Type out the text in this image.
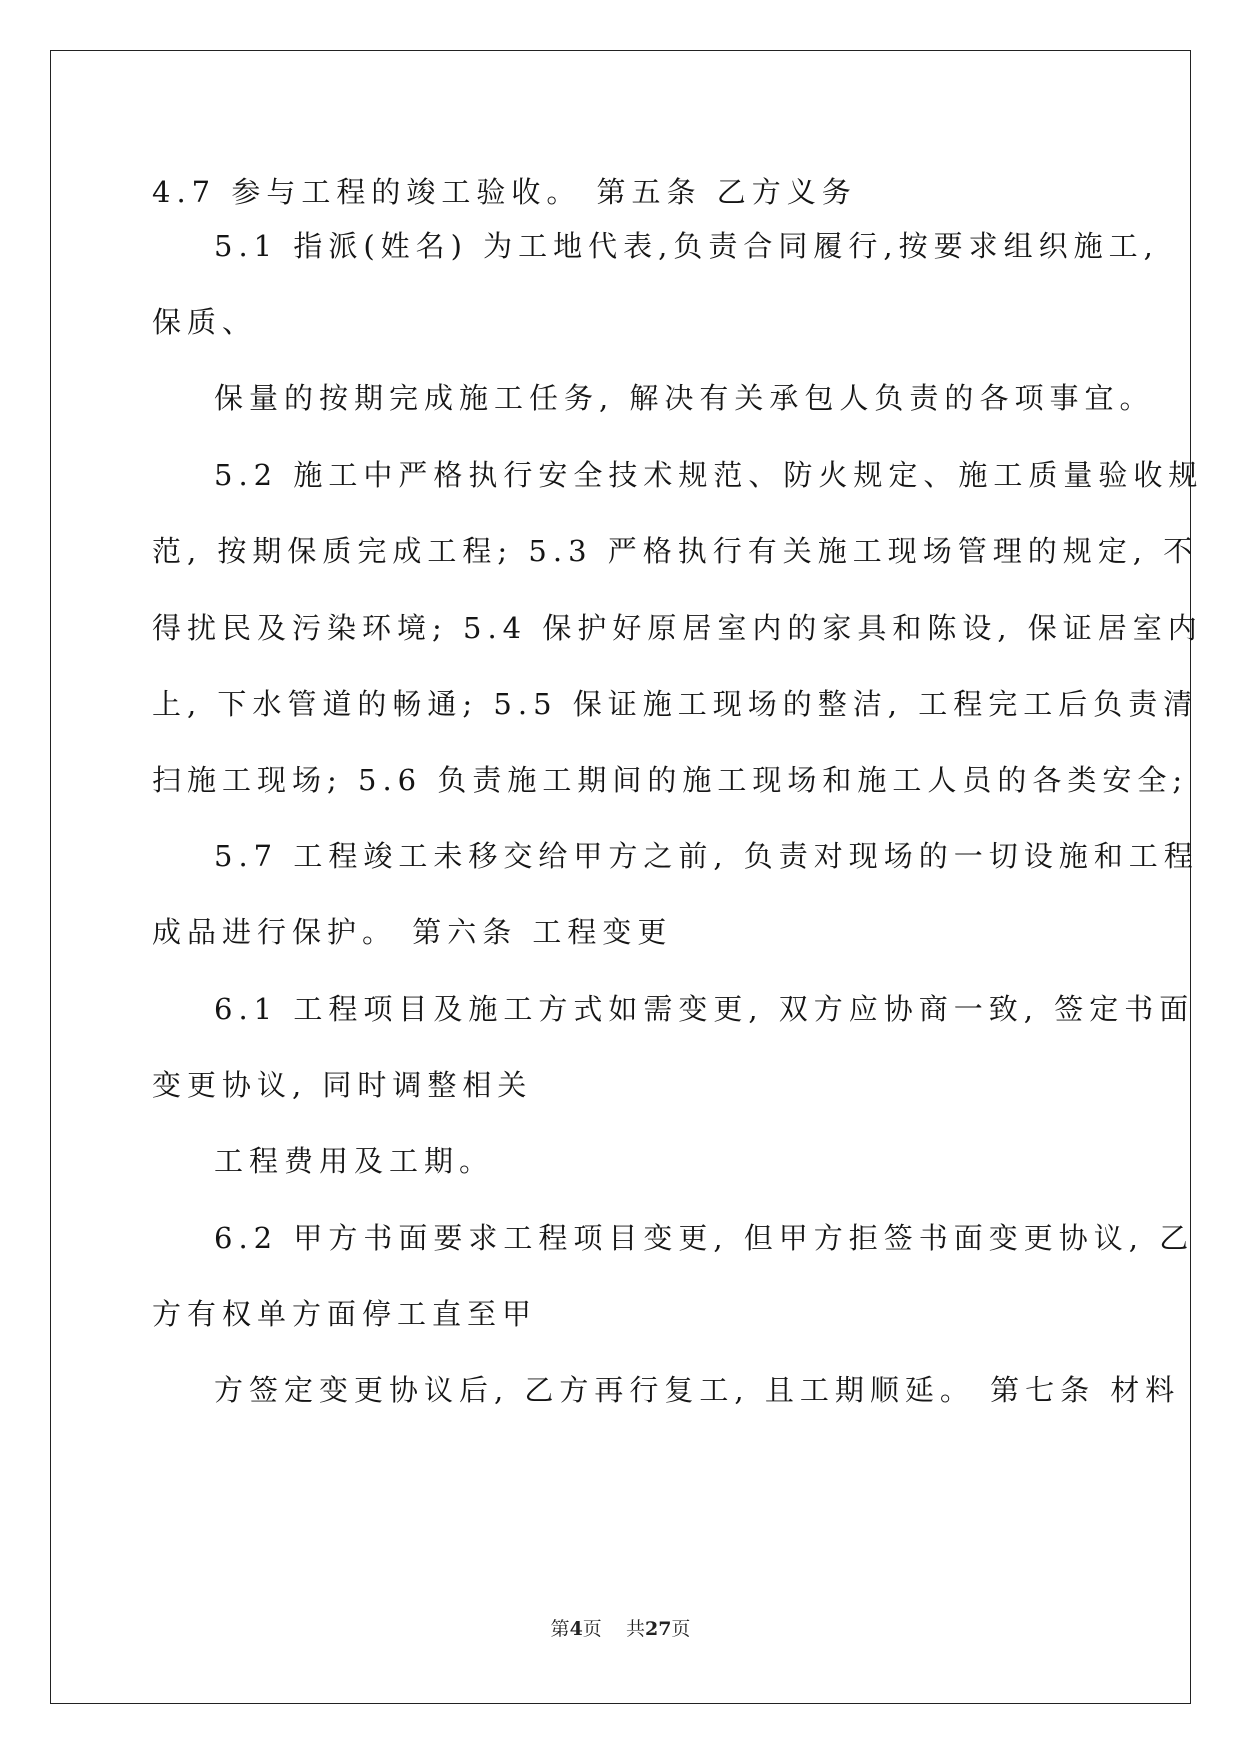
4.7 参与工程的竣工验收。 第五条 乙方义务
5.1 指派(姓名) 为工地代表,负责合同履行,按要求组织施工,
保质、
保量的按期完成施工任务, 解决有关承包人负责的各项事宜。
5.2 施工中严格执行安全技术规范、防火规定、施工质量验收规
范, 按期保质完成工程; 5.3 严格执行有关施工现场管理的规定, 不
得扰民及污染环境; 5.4 保护好原居室内的家具和陈设, 保证居室内
上, 下水管道的畅通; 5.5 保证施工现场的整洁, 工程完工后负责清
扫施工现场; 5.6 负责施工期间的施工现场和施工人员的各类安全;
5.7 工程竣工未移交给甲方之前, 负责对现场的一切设施和工程
成品进行保护。 第六条 工程变更
6.1 工程项目及施工方式如需变更, 双方应协商一致, 签定书面
变更协议, 同时调整相关
工程费用及工期。
6.2 甲方书面要求工程项目变更, 但甲方拒签书面变更协议, 乙
方有权单方面停工直至甲
方签定变更协议后, 乙方再行复工, 且工期顺延。 第七条 材料
第4页    共27页
